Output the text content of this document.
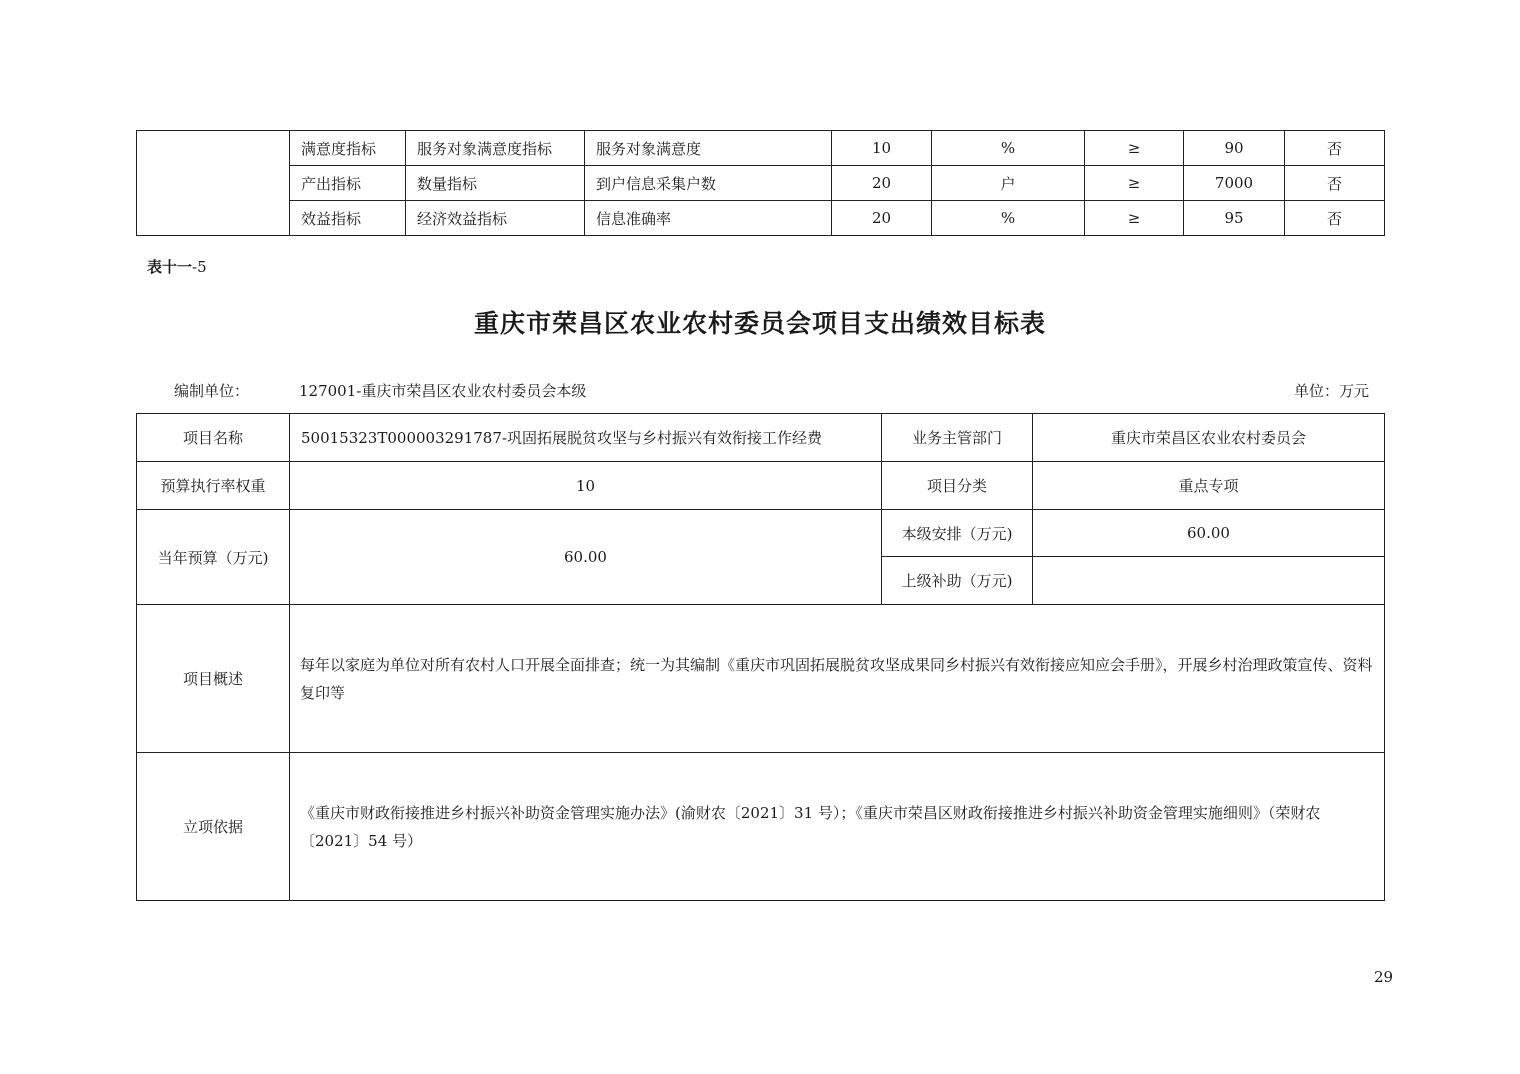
	满意度指标	服务对象满意度指标	服务对象满意度	10	%	≥	90	否
	产出指标	数量指标	到户信息采集户数	20	户	≥	7000	否
	效益指标	经济效益指标	信息准确率	20	%	≥	95	否
表十一-5
重庆市荣昌区农业农村委员会项目支出绩效目标表
编制单位：	127001-重庆市荣昌区农业农村委员会本级	单位：万元
项目名称	50015323T000003291787-巩固拓展脱贫攻坚与乡村振兴有效衔接工作经费	业务主管部门	重庆市荣昌区农业农村委员会
预算执行率权重	10	项目分类	重点专项
当年预算（万元)	60.00	本级安排（万元)	60.00
		上级补助（万元)	
项目概述	每年以家庭为单位对所有农村人口开展全面排查；统一为其编制《重庆市巩固拓展脱贫攻坚成果同乡村振兴有效衔接应知应会手册》，开展乡村治理政策宣传、资料复印等		
立项依据	《重庆市财政衔接推进乡村振兴补助资金管理实施办法》(渝财农〔2021〕31 号）；《重庆市荣昌区财政衔接推进乡村振兴补助资金管理实施细则》（荣财农〔2021〕54 号）		
29
